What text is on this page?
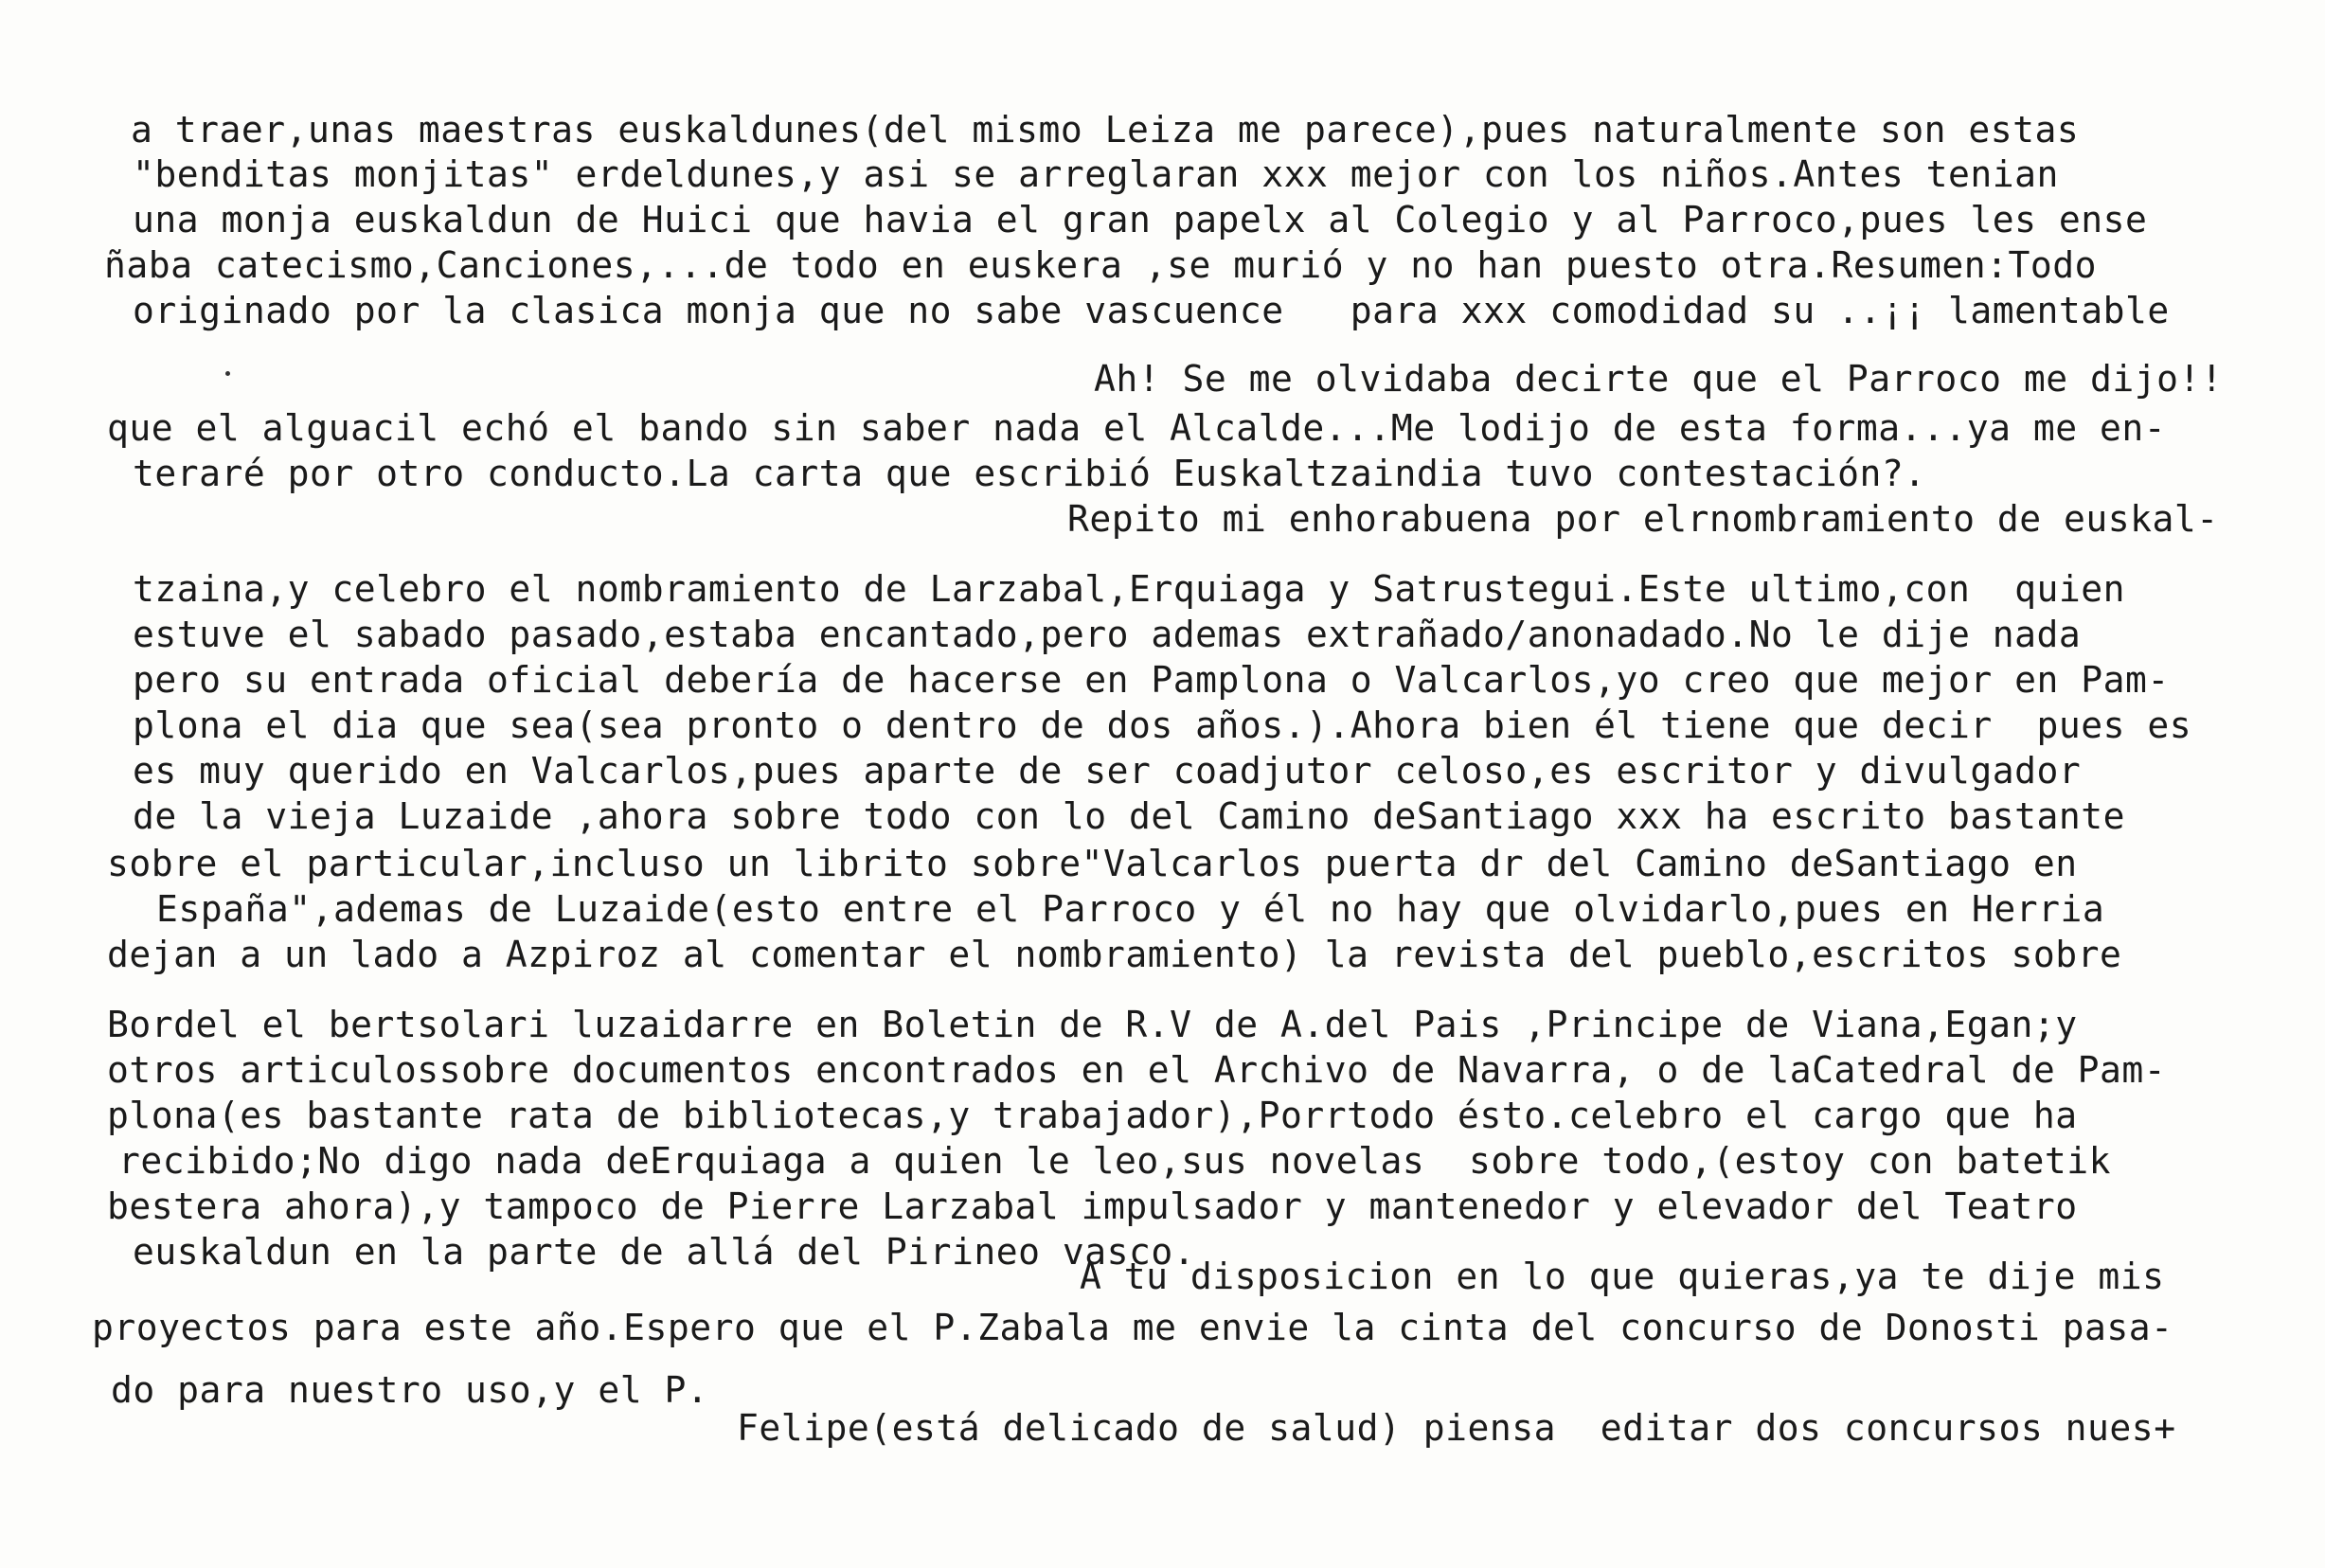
a traer,unas maestras euskaldunes(del mismo Leiza me parece),pues naturalmente son estas
"benditas monjitas" erdeldunes,y asi se arreglaran xxx mejor con los niños.Antes tenian
una monja euskaldun de Huici que havia el gran papelx al Colegio y al Parroco,pues les ense
ñaba catecismo,Canciones,...de todo en euskera ,se murió y no han puesto otra.Resumen:Todo
originado por la clasica monja que no sabe vascuence   para xxx comodidad su ..¡¡ lamentable
Ah! Se me olvidaba decirte que el Parroco me dijo!!
que el alguacil echó el bando sin saber nada el Alcalde...Me lodijo de esta forma...ya me en-
teraré por otro conducto.La carta que escribió Euskaltzaindia tuvo contestación?.
Repito mi enhorabuena por elrnombramiento de euskal-
tzaina,y celebro el nombramiento de Larzabal,Erquiaga y Satrustegui.Este ultimo,con  quien
estuve el sabado pasado,estaba encantado,pero ademas extrañado/anonadado.No le dije nada
pero su entrada oficial debería de hacerse en Pamplona o Valcarlos,yo creo que mejor en Pam-
plona el dia que sea(sea pronto o dentro de dos años.).Ahora bien él tiene que decir  pues es
es muy querido en Valcarlos,pues aparte de ser coadjutor celoso,es escritor y divulgador
de la vieja Luzaide ,ahora sobre todo con lo del Camino deSantiago xxx ha escrito bastante
sobre el particular,incluso un librito sobre"Valcarlos puerta dr del Camino deSantiago en
España",ademas de Luzaide(esto entre el Parroco y él no hay que olvidarlo,pues en Herria
dejan a un lado a Azpiroz al comentar el nombramiento) la revista del pueblo,escritos sobre
Bordel el bertsolari luzaidarre en Boletin de R.V de A.del Pais ,Principe de Viana,Egan;y
otros articulossobre documentos encontrados en el Archivo de Navarra, o de laCatedral de Pam-
plona(es bastante rata de bibliotecas,y trabajador),Porrtodo ésto.celebro el cargo que ha
recibido;No digo nada deErquiaga a quien le leo,sus novelas  sobre todo,(estoy con batetik
bestera ahora),y tampoco de Pierre Larzabal impulsador y mantenedor y elevador del Teatro
euskaldun en la parte de allá del Pirineo vasco.
A tu disposicion en lo que quieras,ya te dije mis
proyectos para este año.Espero que el P.Zabala me envie la cinta del concurso de Donosti pasa-
do para nuestro uso,y el P.
Felipe(está delicado de salud) piensa  editar dos concursos nues+
